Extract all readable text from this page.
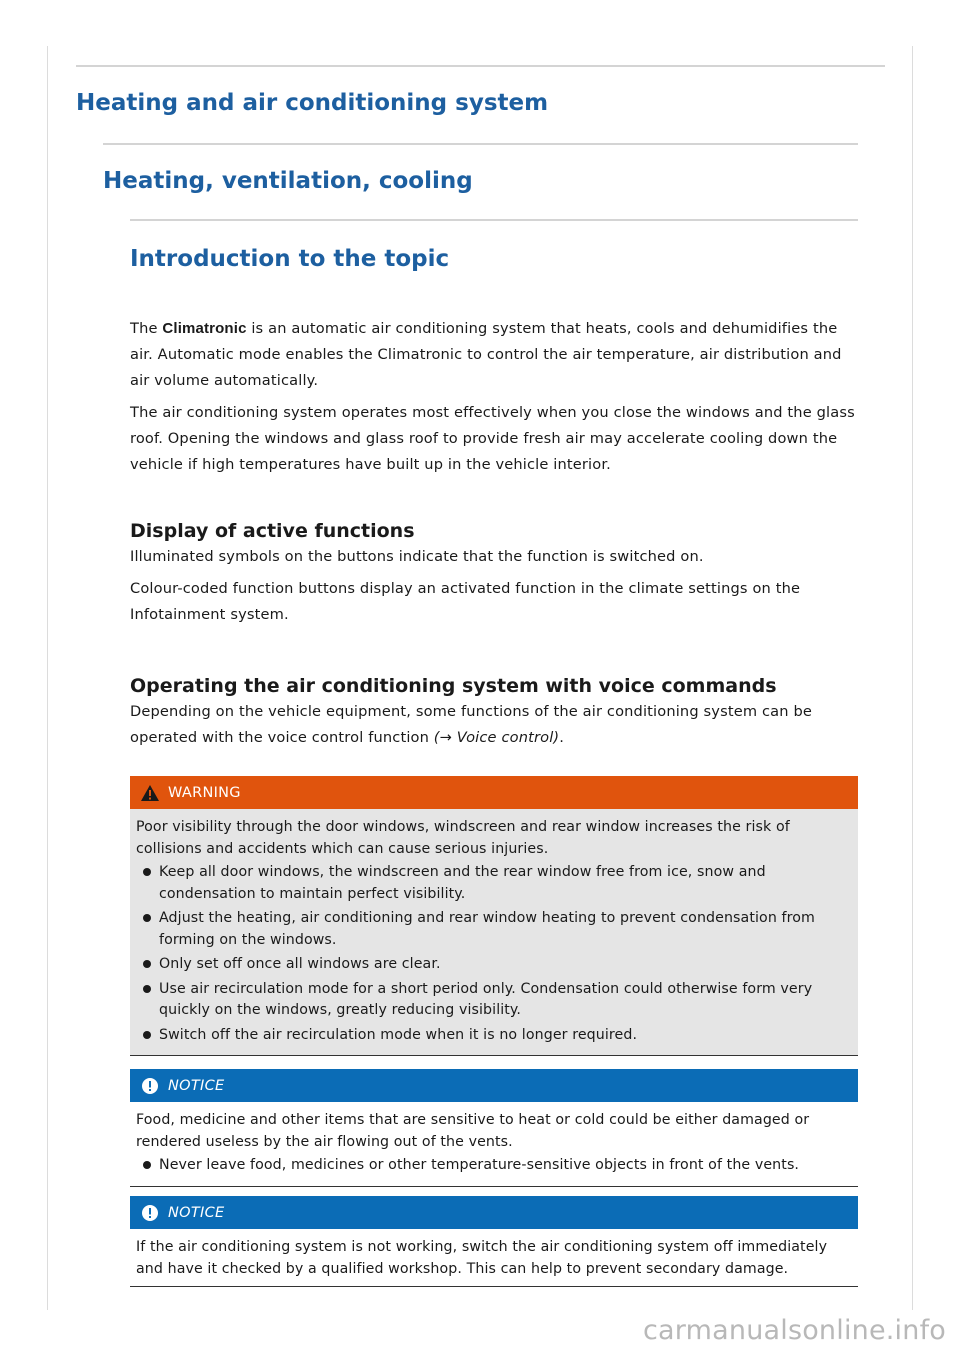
Heating and air conditioning system
Heating, ventilation, cooling
Introduction to the topic

The Climatronic is an automatic air conditioning system that heats, cools and dehumidifies the air. Automatic mode enables the Climatronic to control the air temperature, air distribution and air volume automatically.

The air conditioning system operates most effectively when you close the windows and the glass roof. Opening the windows and glass roof to provide fresh air may accelerate cooling down the vehicle if high temperatures have built up in the vehicle interior.

Display of active functions

Illuminated symbols on the buttons indicate that the function is switched on.

Colour-coded function buttons display an activated function in the climate settings on the Infotainment system.

Operating the air conditioning system with voice commands

Depending on the vehicle equipment, some functions of the air conditioning system can be operated with the voice control function (→ Voice control).

WARNING

Poor visibility through the door windows, windscreen and rear window increases the risk of collisions and accidents which can cause serious injuries.

Keep all door windows, the windscreen and the rear window free from ice, snow and condensation to maintain perfect visibility.
Adjust the heating, air conditioning and rear window heating to prevent condensation from forming on the windows.
Only set off once all windows are clear.
Use air recirculation mode for a short period only. Condensation could otherwise form very quickly on the windows, greatly reducing visibility.
Switch off the air recirculation mode when it is no longer required.
NOTICE

Food, medicine and other items that are sensitive to heat or cold could be either damaged or rendered useless by the air flowing out of the vents.

Never leave food, medicines or other temperature-sensitive objects in front of the vents.
NOTICE

If the air conditioning system is not working, switch the air conditioning system off immediately and have it checked by a qualified workshop. This can help to prevent secondary damage.

carmanualsonline.info
